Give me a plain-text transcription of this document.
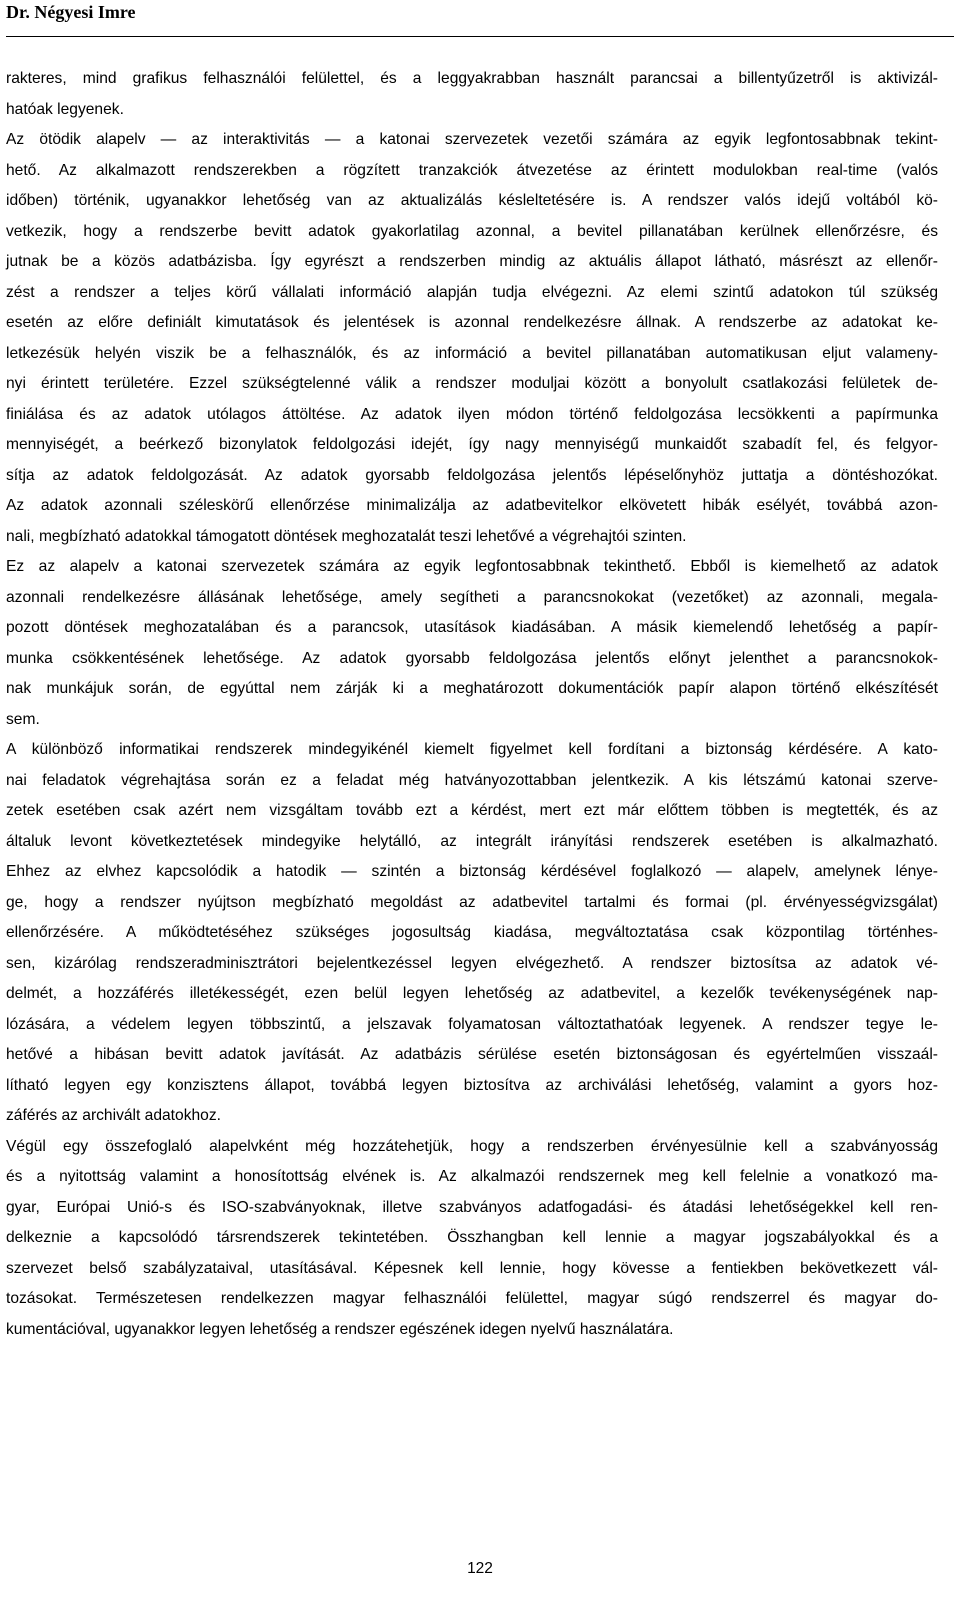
Dr. Négyesi Imre
rakteres, mind grafikus felhasználói felülettel, és a leggyakrabban használt parancsai a billentyűzetről is aktivizál-
hatóak legyenek.
Az ötödik alapelv — az interaktivitás — a katonai szervezetek vezetői számára az egyik legfontosabbnak tekint-
hető. Az alkalmazott rendszerekben a rögzített tranzakciók átvezetése az érintett modulokban real-time (valós
időben) történik, ugyanakkor lehetőség van az aktualizálás késleltetésére is. A rendszer valós idejű voltából kö-
vetkezik, hogy a rendszerbe bevitt adatok gyakorlatilag azonnal, a bevitel pillanatában kerülnek ellenőrzésre, és
jutnak be a közös adatbázisba. Így egyrészt a rendszerben mindig az aktuális állapot látható, másrészt az ellenőr-
zést a rendszer a teljes körű vállalati információ alapján tudja elvégezni. Az elemi szintű adatokon túl szükség
esetén az előre definiált kimutatások és jelentések is azonnal rendelkezésre állnak. A rendszerbe az adatokat ke-
letkezésük helyén viszik be a felhasználók, és az információ a bevitel pillanatában automatikusan eljut valameny-
nyi érintett területére. Ezzel szükségtelenné válik a rendszer moduljai között a bonyolult csatlakozási felületek de-
finiálása és az adatok utólagos áttöltése. Az adatok ilyen módon történő feldolgozása lecsökkenti a papírmunka
mennyiségét, a beérkező bizonylatok feldolgozási idejét, így nagy mennyiségű munkaidőt szabadít fel, és felgyor-
sítja az adatok feldolgozását. Az adatok gyorsabb feldolgozása jelentős lépéselőnyhöz juttatja a döntéshozókat.
Az adatok azonnali széleskörű ellenőrzése minimalizálja az adatbevitelkor elkövetett hibák esélyét, továbbá azon-
nali, megbízható adatokkal támogatott döntések meghozatalát teszi lehetővé a végrehajtói szinten.
Ez az alapelv a katonai szervezetek számára az egyik legfontosabbnak tekinthető. Ebből is kiemelhető az adatok
azonnali rendelkezésre állásának lehetősége, amely segítheti a parancsnokokat (vezetőket) az azonnali, megala-
pozott döntések meghozatalában és a parancsok, utasítások kiadásában. A másik kiemelendő lehetőség a papír-
munka csökkentésének lehetősége. Az adatok gyorsabb feldolgozása jelentős előnyt jelenthet a parancsnokok-
nak munkájuk során, de egyúttal nem zárják ki a meghatározott dokumentációk papír alapon történő elkészítését
sem.
A különböző informatikai rendszerek mindegyikénél kiemelt figyelmet kell fordítani a biztonság kérdésére. A kato-
nai feladatok végrehajtása során ez a feladat még hatványozottabban jelentkezik. A kis létszámú katonai szerve-
zetek esetében csak azért nem vizsgáltam tovább ezt a kérdést, mert ezt már előttem többen is megtették, és az
általuk levont következtetések mindegyike helytálló, az integrált irányítási rendszerek esetében is alkalmazható.
Ehhez az elvhez kapcsolódik a hatodik — szintén a biztonság kérdésével foglalkozó — alapelv, amelynek lénye-
ge, hogy a rendszer nyújtson megbízható megoldást az adatbevitel tartalmi és formai (pl. érvényességvizsgálat)
ellenőrzésére. A működtetéséhez szükséges jogosultság kiadása, megváltoztatása csak központilag történhes-
sen, kizárólag rendszeradminisztrátori bejelentkezéssel legyen elvégezhető. A rendszer biztosítsa az adatok vé-
delmét, a hozzáférés illetékességét, ezen belül legyen lehetőség az adatbevitel, a kezelők tevékenységének nap-
lózására, a védelem legyen többszintű, a jelszavak folyamatosan változtathatóak legyenek. A rendszer tegye le-
hetővé a hibásan bevitt adatok javítását. Az adatbázis sérülése esetén biztonságosan és egyértelműen visszaál-
lítható legyen egy konzisztens állapot, továbbá legyen biztosítva az archiválási lehetőség, valamint a gyors hoz-
záférés az archivált adatokhoz.
Végül egy összefoglaló alapelvként még hozzátehetjük, hogy a rendszerben érvényesülnie kell a szabványosság
és a nyitottság valamint a honosítottság elvének is. Az alkalmazói rendszernek meg kell felelnie a vonatkozó ma-
gyar, Európai Unió-s és ISO-szabványoknak, illetve szabványos adatfogadási- és átadási lehetőségekkel kell ren-
delkeznie a kapcsolódó társrendszerek tekintetében. Összhangban kell lennie a magyar jogszabályokkal és a
szervezet belső szabályzataival, utasításával. Képesnek kell lennie, hogy kövesse a fentiekben bekövetkezett vál-
tozásokat. Természetesen rendelkezzen magyar felhasználói felülettel, magyar súgó rendszerrel és magyar do-
kumentációval, ugyanakkor legyen lehetőség a rendszer egészének idegen nyelvű használatára.
122
